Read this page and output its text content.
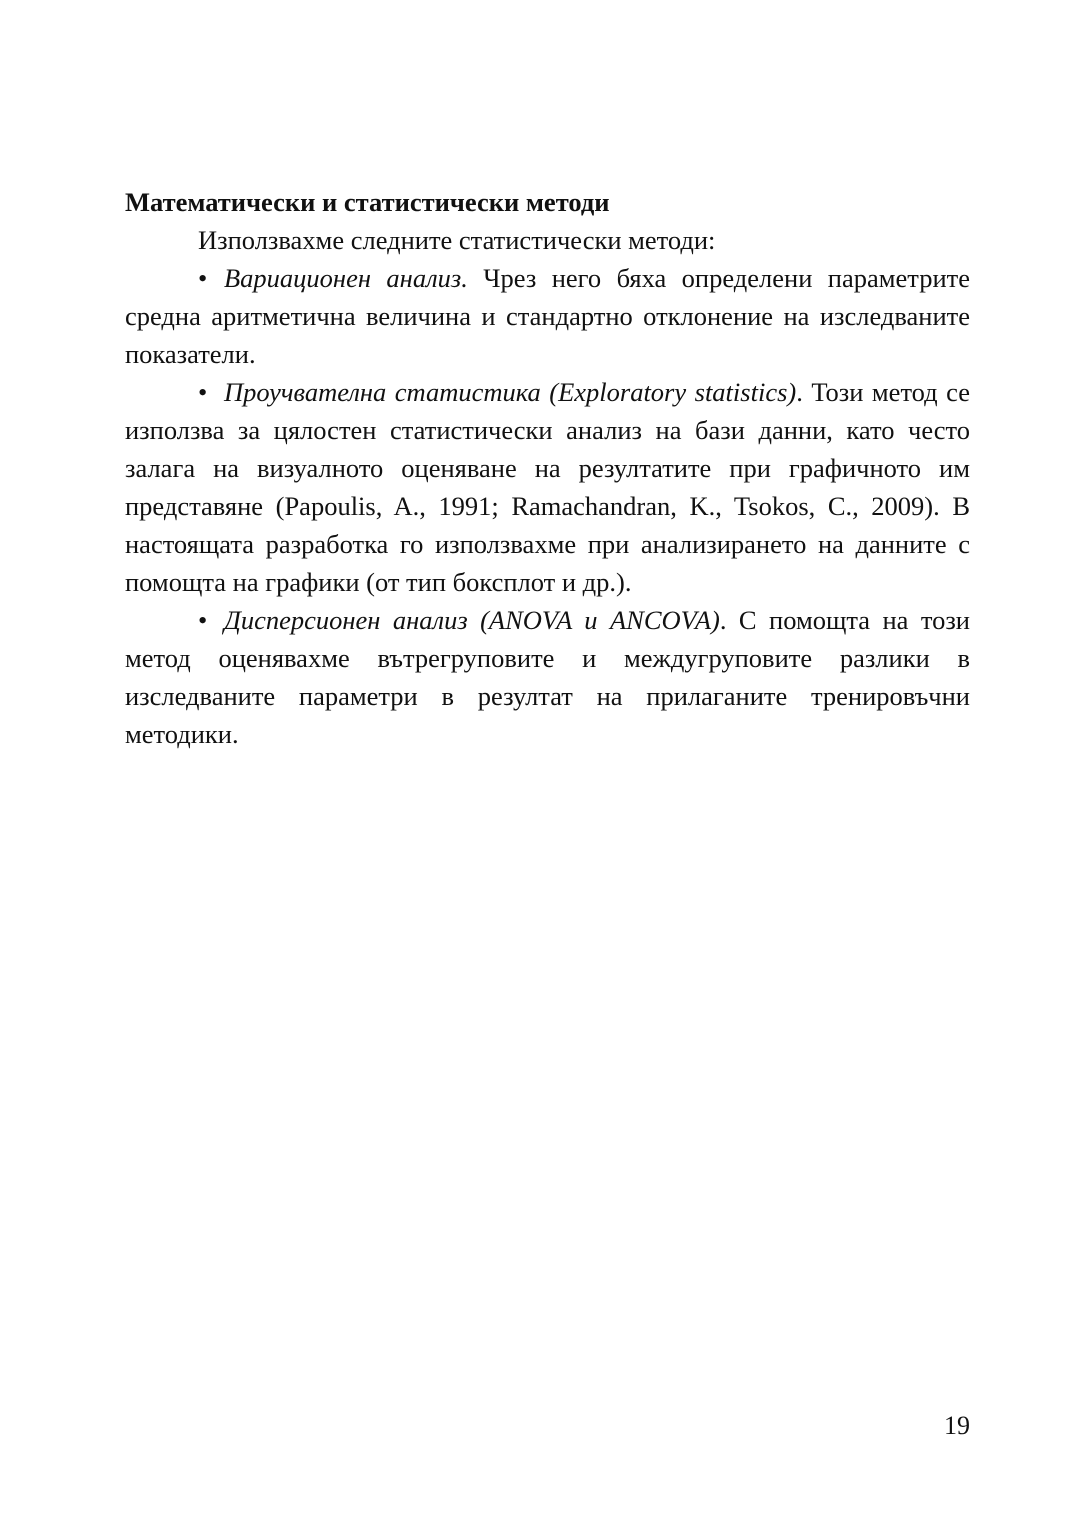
Математически и статистически методи

Използвахме следните статистически методи:

• Вариационен анализ. Чрез него бяха определени параметрите средна аритметична величина и стандартно отклонение на изследваните показатели.

• Проучвателна статистика (Exploratory statistics). Този метод се използва за цялостен статистически анализ на бази данни, като често залага на визуалното оценяване на резултатите при графичното им представяне (Papoulis, A., 1991; Ramachandran, K., Tsokos, C., 2009). В настоящата разработка го използвахме при анализирането на данните с помощта на графики (от тип боксплот и др.).

• Дисперсионен анализ (ANOVA и ANCOVA). С помощта на този метод оценявахме вътрегруповите и междугруповите разлики в изследваните параметри в резултат на прилаганите тренировъчни методики.

19
